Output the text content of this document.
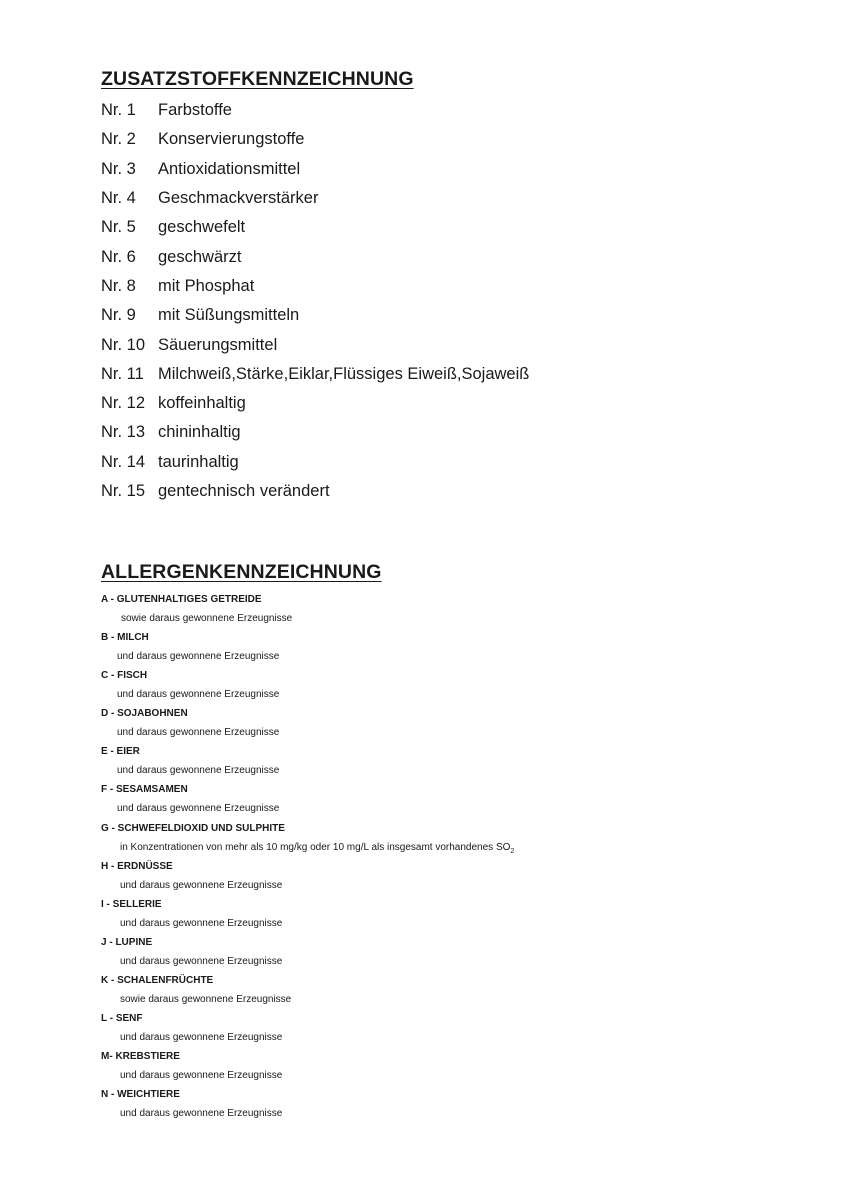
ZUSATZSTOFFKENNZEICHNUNG
Nr. 1	Farbstoffe
Nr. 2	Konservierungstoffe
Nr. 3	Antioxidationsmittel
Nr. 4	Geschmackverstärker
Nr. 5	geschwefelt
Nr. 6	geschwärzt
Nr. 8	mit Phosphat
Nr. 9	mit Süßungsmitteln
Nr. 10 Säuerungsmittel
Nr. 11 Milchweiß,Stärke,Eiklar,Flüssiges Eiweiß,Sojaweiß
Nr. 12 koffeinhaltig
Nr. 13 chininhaltig
Nr. 14 taurinhaltig
Nr. 15 gentechnisch verändert
ALLERGENKENNZEICHNUNG
A - GLUTENHALTIGES GETREIDE
sowie daraus gewonnene Erzeugnisse
B - MILCH
und daraus gewonnene Erzeugnisse
C - FISCH
und daraus gewonnene Erzeugnisse
D - SOJABOHNEN
und daraus gewonnene Erzeugnisse
E - EIER
und daraus gewonnene Erzeugnisse
F - SESAMSAMEN
und daraus gewonnene Erzeugnisse
G - SCHWEFELDIOXID UND SULPHITE
in Konzentrationen von mehr als 10 mg/kg oder 10 mg/L als insgesamt vorhandenes $SO_2$
H - ERDNÜSSE
und daraus gewonnene Erzeugnisse
I - SELLERIE
und daraus gewonnene Erzeugnisse
J - LUPINE
und daraus gewonnene Erzeugnisse
K - SCHALENFRÜCHTE
sowie daraus gewonnene Erzeugnisse
L - SENF
und daraus gewonnene Erzeugnisse
M- KREBSTIERE
und daraus gewonnene Erzeugnisse
N - WEICHTIERE
und daraus gewonnene Erzeugnisse
